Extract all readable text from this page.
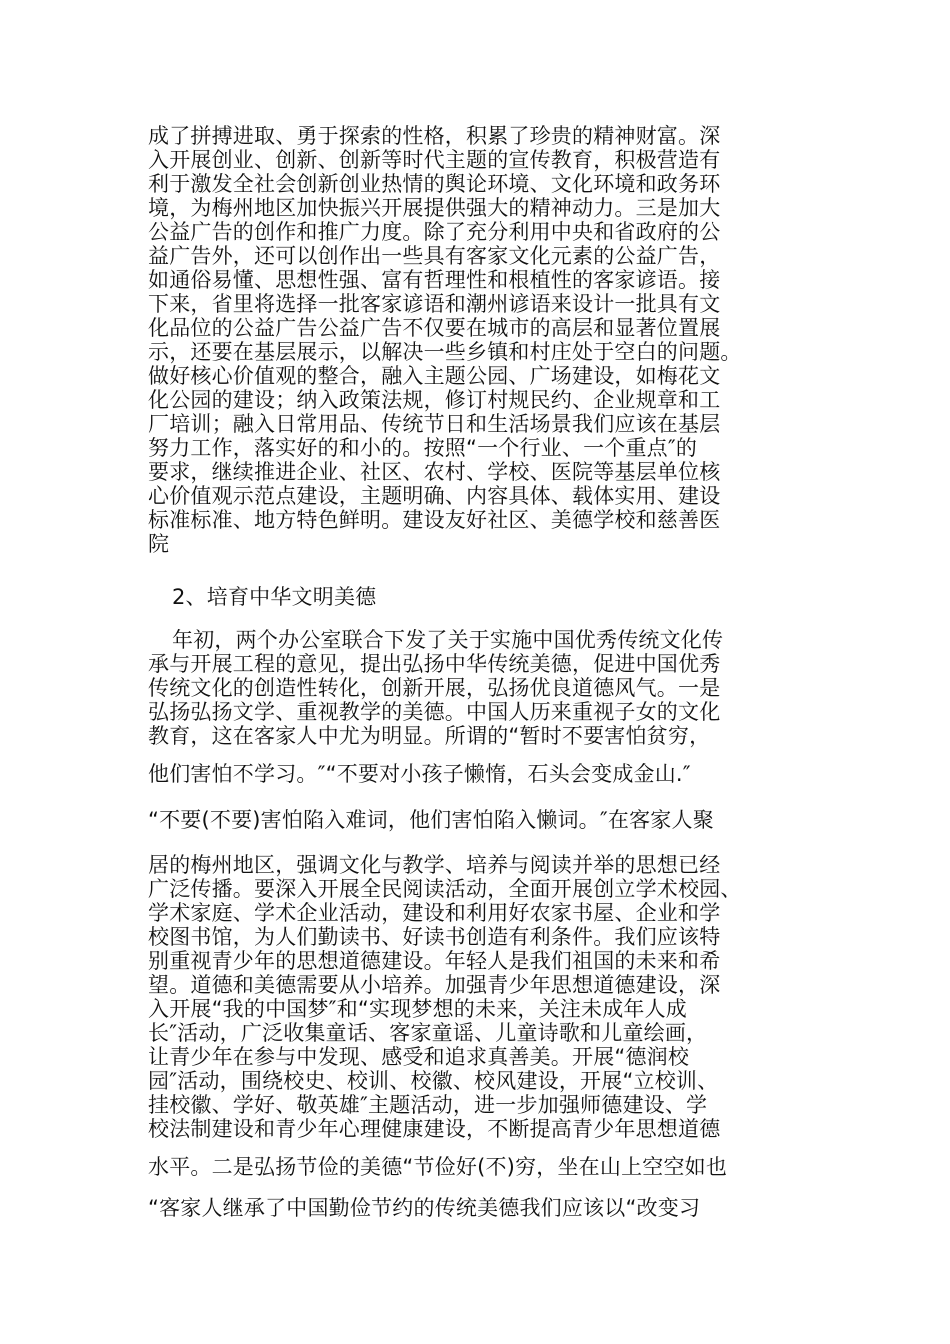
成了拼搏进取、勇于探索的性格，积累了珍贵的精神财富。深
入开展创业、创新、创新等时代主题的宣传教育，积极营造有
利于激发全社会创新创业热情的舆论环境、文化环境和政务环
境，为梅州地区加快振兴开展提供强大的精神动力。三是加大
公益广告的创作和推广力度。除了充分利用中央和省政府的公
益广告外，还可以创作出一些具有客家文化元素的公益广告，
如通俗易懂、思想性强、富有哲理性和根植性的客家谚语。接
下来，省里将选择一批客家谚语和潮州谚语来设计一批具有文
化品位的公益广告公益广告不仅要在城市的高层和显著位置展
示，还要在基层展示，以解决一些乡镇和村庄处于空白的问题。
做好核心价值观的整合，融入主题公园、广场建设，如梅花文
化公园的建设；纳入政策法规，修订村规民约、企业规章和工
厂培训；融入日常用品、传统节日和生活场景我们应该在基层
努力工作，落实好的和小的。按照“一个行业、一个重点″的
要求，继续推进企业、社区、农村、学校、医院等基层单位核
心价值观示范点建设，主题明确、内容具体、载体实用、建设
标准标准、地方特色鲜明。建设友好社区、美德学校和慈善医
院
2、培育中华文明美德
年初，两个办公室联合下发了关于实施中国优秀传统文化传
承与开展工程的意见，提出弘扬中华传统美德，促进中国优秀
传统文化的创造性转化，创新开展，弘扬优良道德风气。一是
弘扬弘扬文学、重视教学的美德。中国人历来重视子女的文化
教育，这在客家人中尤为明显。所谓的“暂时不要害怕贫穷，
他们害怕不学习。″“不要对小孩子懒惰，石头会变成金山.″
“不要(不要)害怕陷入难词，他们害怕陷入懒词。″在客家人聚
居的梅州地区，强调文化与教学、培养与阅读并举的思想已经
广泛传播。要深入开展全民阅读活动，全面开展创立学术校园、
学术家庭、学术企业活动，建设和利用好农家书屋、企业和学
校图书馆，为人们勤读书、好读书创造有利条件。我们应该特
别重视青少年的思想道德建设。年轻人是我们祖国的未来和希
望。道德和美德需要从小培养。加强青少年思想道德建设，深
入开展“我的中国梦″和“实现梦想的未来，关注未成年人成
长″活动，广泛收集童话、客家童谣、儿童诗歌和儿童绘画，
让青少年在参与中发现、感受和追求真善美。开展“德润校
园″活动，围绕校史、校训、校徽、校风建设，开展“立校训、
挂校徽、学好、敬英雄″主题活动，进一步加强师德建设、学
校法制建设和青少年心理健康建设，不断提高青少年思想道德
水平。二是弘扬节俭的美德“节俭好(不)穷，坐在山上空空如也
“客家人继承了中国勤俭节约的传统美德我们应该以“改变习
